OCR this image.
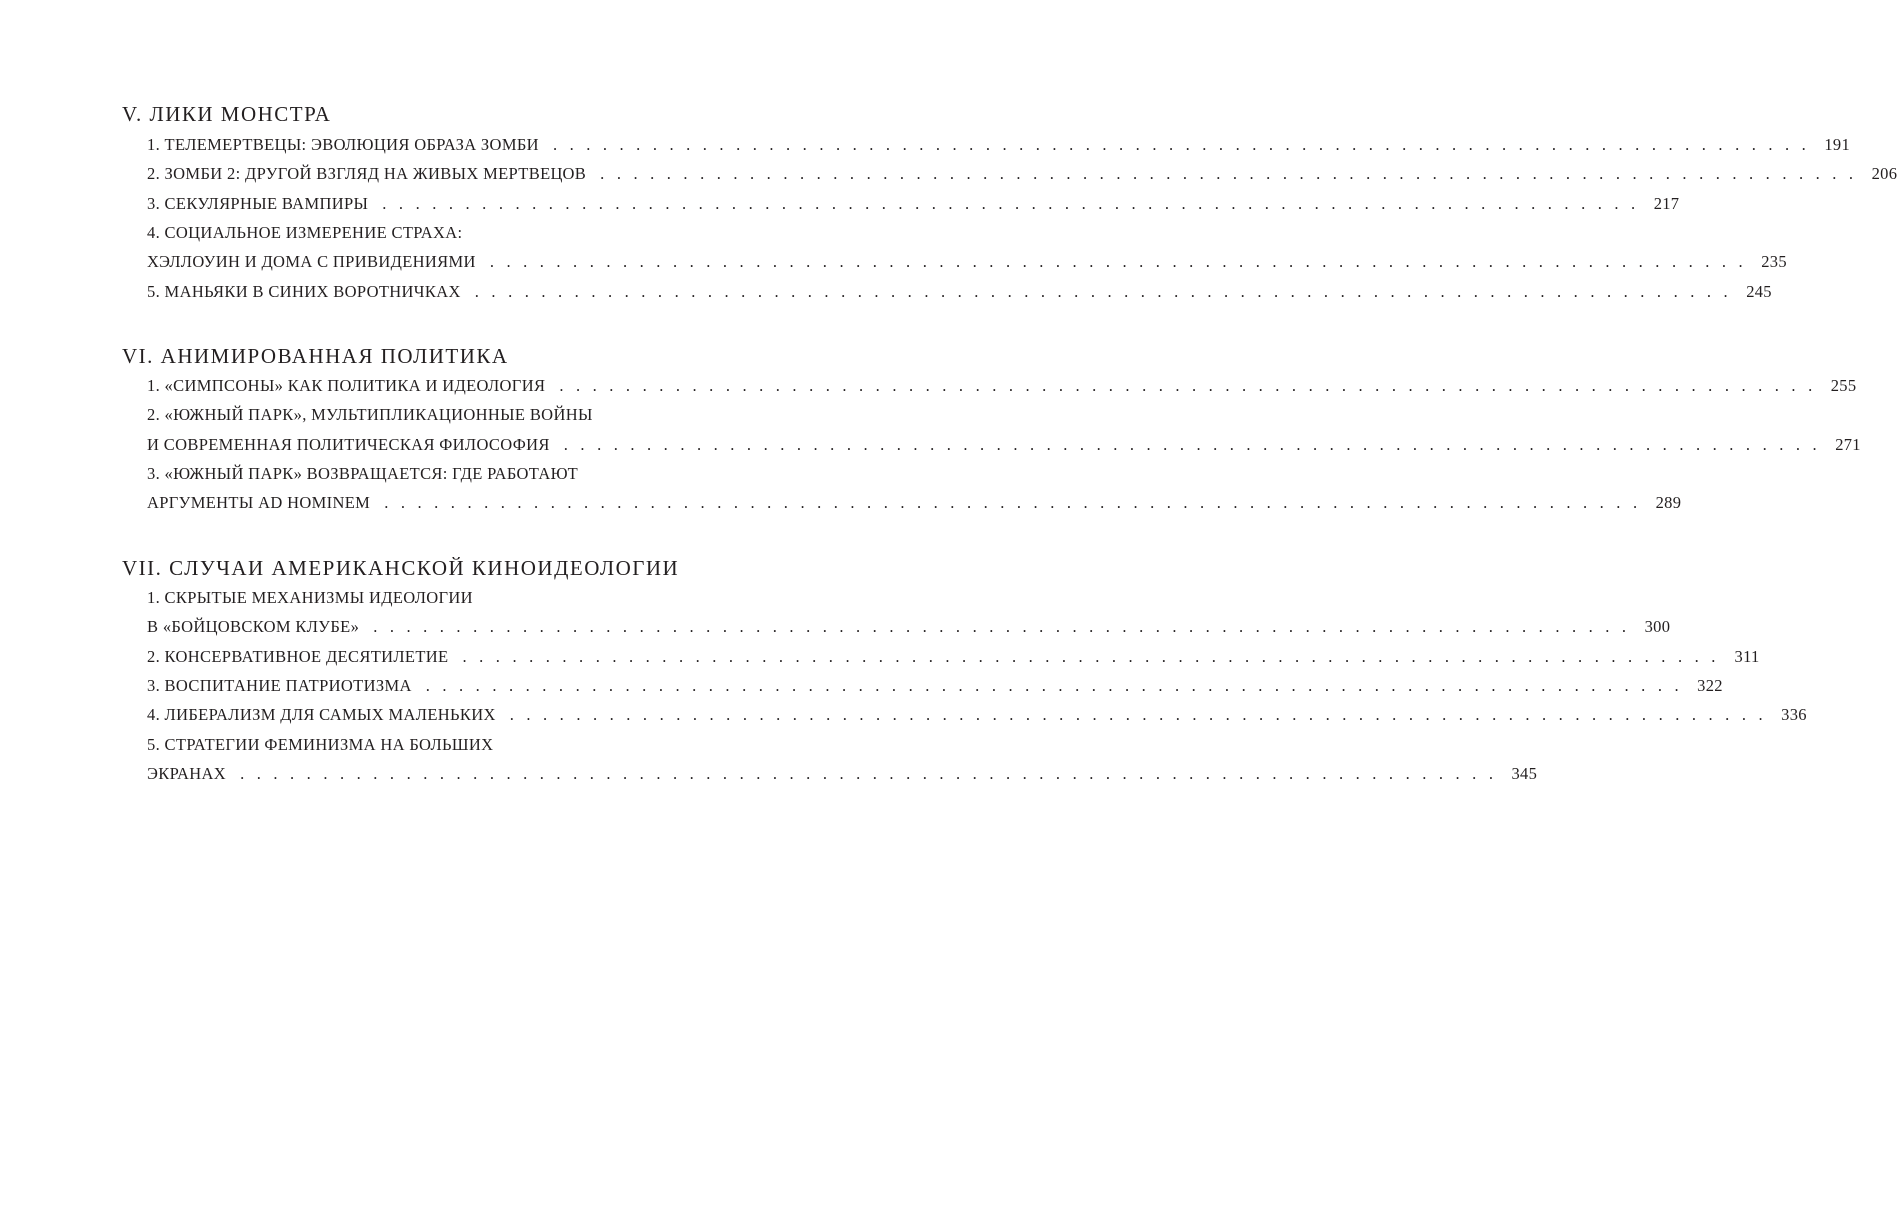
V. ЛИКИ МОНСТРА
1. ТЕЛЕМЕРТВЕЦЫ: ЭВОЛЮЦИЯ ОБРАЗА ЗОМБИ . . . . . . . . . . . . . . . . . . . . . . . . . . . . . . . . . . . . . . . . . . . . . . . . . . . . . . . . . . . . . . . . . . . . . . . . . . . . 191
2. ЗОМБИ 2: ДРУГОЙ ВЗГЛЯД НА ЖИВЫХ МЕРТВЕЦОВ . . . . . . . . . . . . . . . . . . . . . . . . . . . . . . . . . . . . . . . . . . . . . . . . . . . . . . . . . . . . . . . . . . . . . . . . . . . . 206
3. СЕКУЛЯРНЫЕ ВАМПИРЫ . . . . . . . . . . . . . . . . . . . . . . . . . . . . . . . . . . . . . . . . . . . . . . . . . . . . . . . . . . . . . . . . . . . . . . . . . . . . 217
4. СОЦИАЛЬНОЕ ИЗМЕРЕНИЕ СТРАХА:
ХЭЛЛОУИН И ДОМА С ПРИВИДЕНИЯМИ . . . . . . . . . . . . . . . . . . . . . . . . . . . . . . . . . . . . . . . . . . . . . . . . . . . . . . . . . . . . . . . . . . . . . . . . . . . . 235
5. МАНЬЯКИ В СИНИХ ВОРОТНИЧКАХ . . . . . . . . . . . . . . . . . . . . . . . . . . . . . . . . . . . . . . . . . . . . . . . . . . . . . . . . . . . . . . . . . . . . . . . . . . . . 245
VI. АНИМИРОВАННАЯ ПОЛИТИКА
1. «СИМПСОНЫ» КАК ПОЛИТИКА И ИДЕОЛОГИЯ . . . . . . . . . . . . . . . . . . . . . . . . . . . . . . . . . . . . . . . . . . . . . . . . . . . . . . . . . . . . . . . . . . . . . . . . . . . . 255
2. «ЮЖНЫЙ ПАРК», МУЛЬТИПЛИКАЦИОННЫЕ ВОЙНЫ
И СОВРЕМЕННАЯ ПОЛИТИЧЕСКАЯ ФИЛОСОФИЯ . . . . . . . . . . . . . . . . . . . . . . . . . . . . . . . . . . . . . . . . . . . . . . . . . . . . . . . . . . . . . . . . . . . . . . . . . . . . 271
3. «ЮЖНЫЙ ПАРК» ВОЗВРАЩАЕТСЯ: ГДЕ РАБОТАЮТ
АРГУМЕНТЫ AD HOMINEM . . . . . . . . . . . . . . . . . . . . . . . . . . . . . . . . . . . . . . . . . . . . . . . . . . . . . . . . . . . . . . . . . . . . . . . . . . . . 289
VII. СЛУЧАИ АМЕРИКАНСКОЙ КИНОИДЕОЛОГИИ
1. СКРЫТЫЕ МЕХАНИЗМЫ ИДЕОЛОГИИ
В «БОЙЦОВСКОМ КЛУБЕ» . . . . . . . . . . . . . . . . . . . . . . . . . . . . . . . . . . . . . . . . . . . . . . . . . . . . . . . . . . . . . . . . . . . . . . . . . . . . 300
2. КОНСЕРВАТИВНОЕ ДЕСЯТИЛЕТИЕ . . . . . . . . . . . . . . . . . . . . . . . . . . . . . . . . . . . . . . . . . . . . . . . . . . . . . . . . . . . . . . . . . . . . . . . . . . . . 311
3. ВОСПИТАНИЕ ПАТРИОТИЗМА . . . . . . . . . . . . . . . . . . . . . . . . . . . . . . . . . . . . . . . . . . . . . . . . . . . . . . . . . . . . . . . . . . . . . . . . . . . . 322
4. ЛИБЕРАЛИЗМ ДЛЯ САМЫХ МАЛЕНЬКИХ . . . . . . . . . . . . . . . . . . . . . . . . . . . . . . . . . . . . . . . . . . . . . . . . . . . . . . . . . . . . . . . . . . . . . . . . . . . . 336
5. СТРАТЕГИИ ФЕМИНИЗМА НА БОЛЬШИХ
ЭКРАНАХ . . . . . . . . . . . . . . . . . . . . . . . . . . . . . . . . . . . . . . . . . . . . . . . . . . . . . . . . . . . . . . . . . . . . . . . . . . . . 345
